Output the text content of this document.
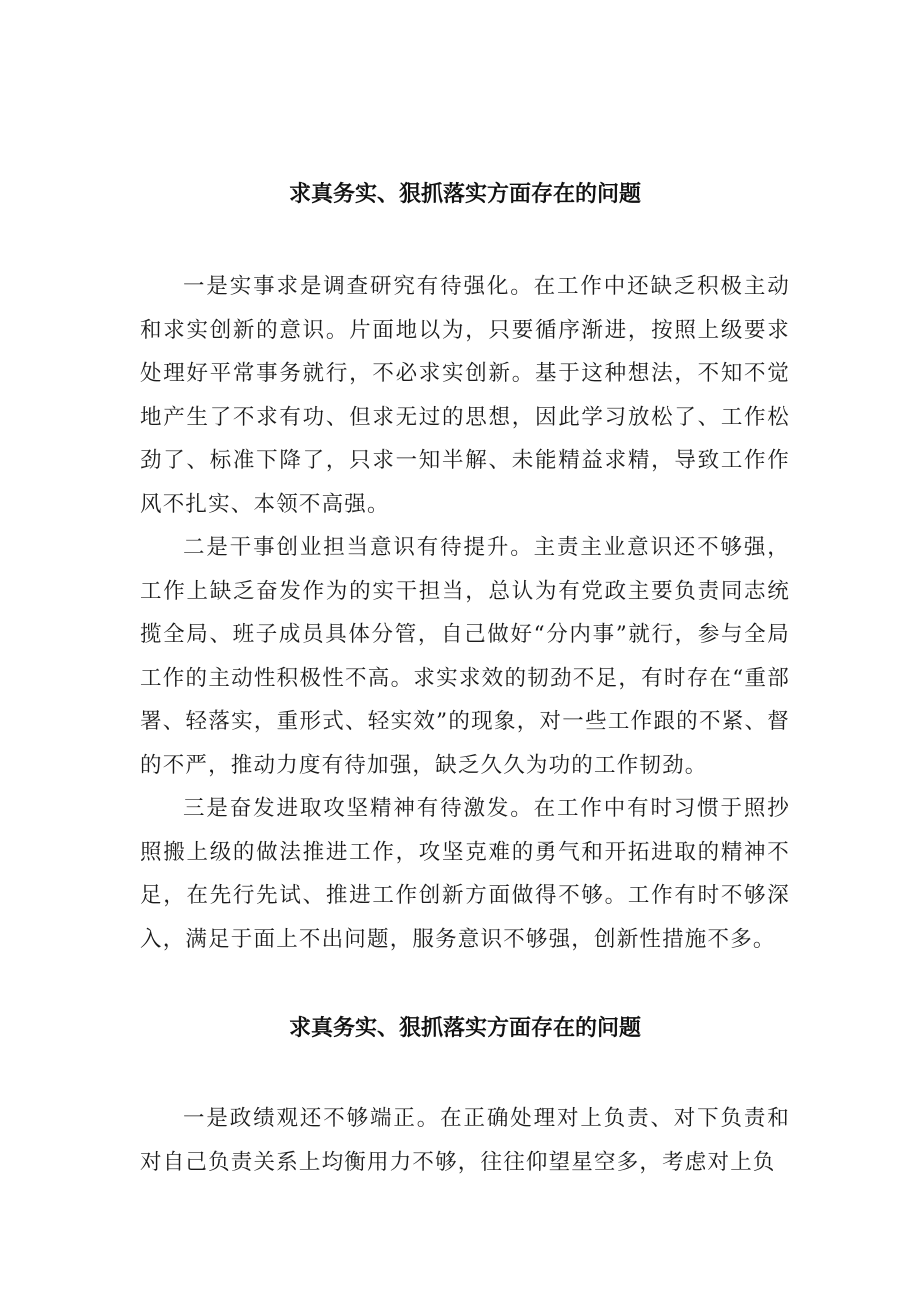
求真务实、狠抓落实方面存在的问题

一是实事求是调查研究有待强化。在工作中还缺乏积极主动和求实创新的意识。片面地以为，只要循序渐进，按照上级要求处理好平常事务就行，不必求实创新。基于这种想法，不知不觉地产生了不求有功、但求无过的思想，因此学习放松了、工作松劲了、标准下降了，只求一知半解、未能精益求精，导致工作作风不扎实、本领不高强。

二是干事创业担当意识有待提升。主责主业意识还不够强，工作上缺乏奋发作为的实干担当，总认为有党政主要负责同志统揽全局、班子成员具体分管，自己做好“分内事”就行，参与全局工作的主动性积极性不高。求实求效的韧劲不足，有时存在“重部署、轻落实，重形式、轻实效”的现象，对一些工作跟的不紧、督的不严，推动力度有待加强，缺乏久久为功的工作韧劲。

三是奋发进取攻坚精神有待激发。在工作中有时习惯于照抄照搬上级的做法推进工作，攻坚克难的勇气和开拓进取的精神不足，在先行先试、推进工作创新方面做得不够。工作有时不够深入，满足于面上不出问题，服务意识不够强，创新性措施不多。

求真务实、狠抓落实方面存在的问题

一是政绩观还不够端正。在正确处理对上负责、对下负责和对自己负责关系上均衡用力不够，往往仰望星空多，考虑对上负
